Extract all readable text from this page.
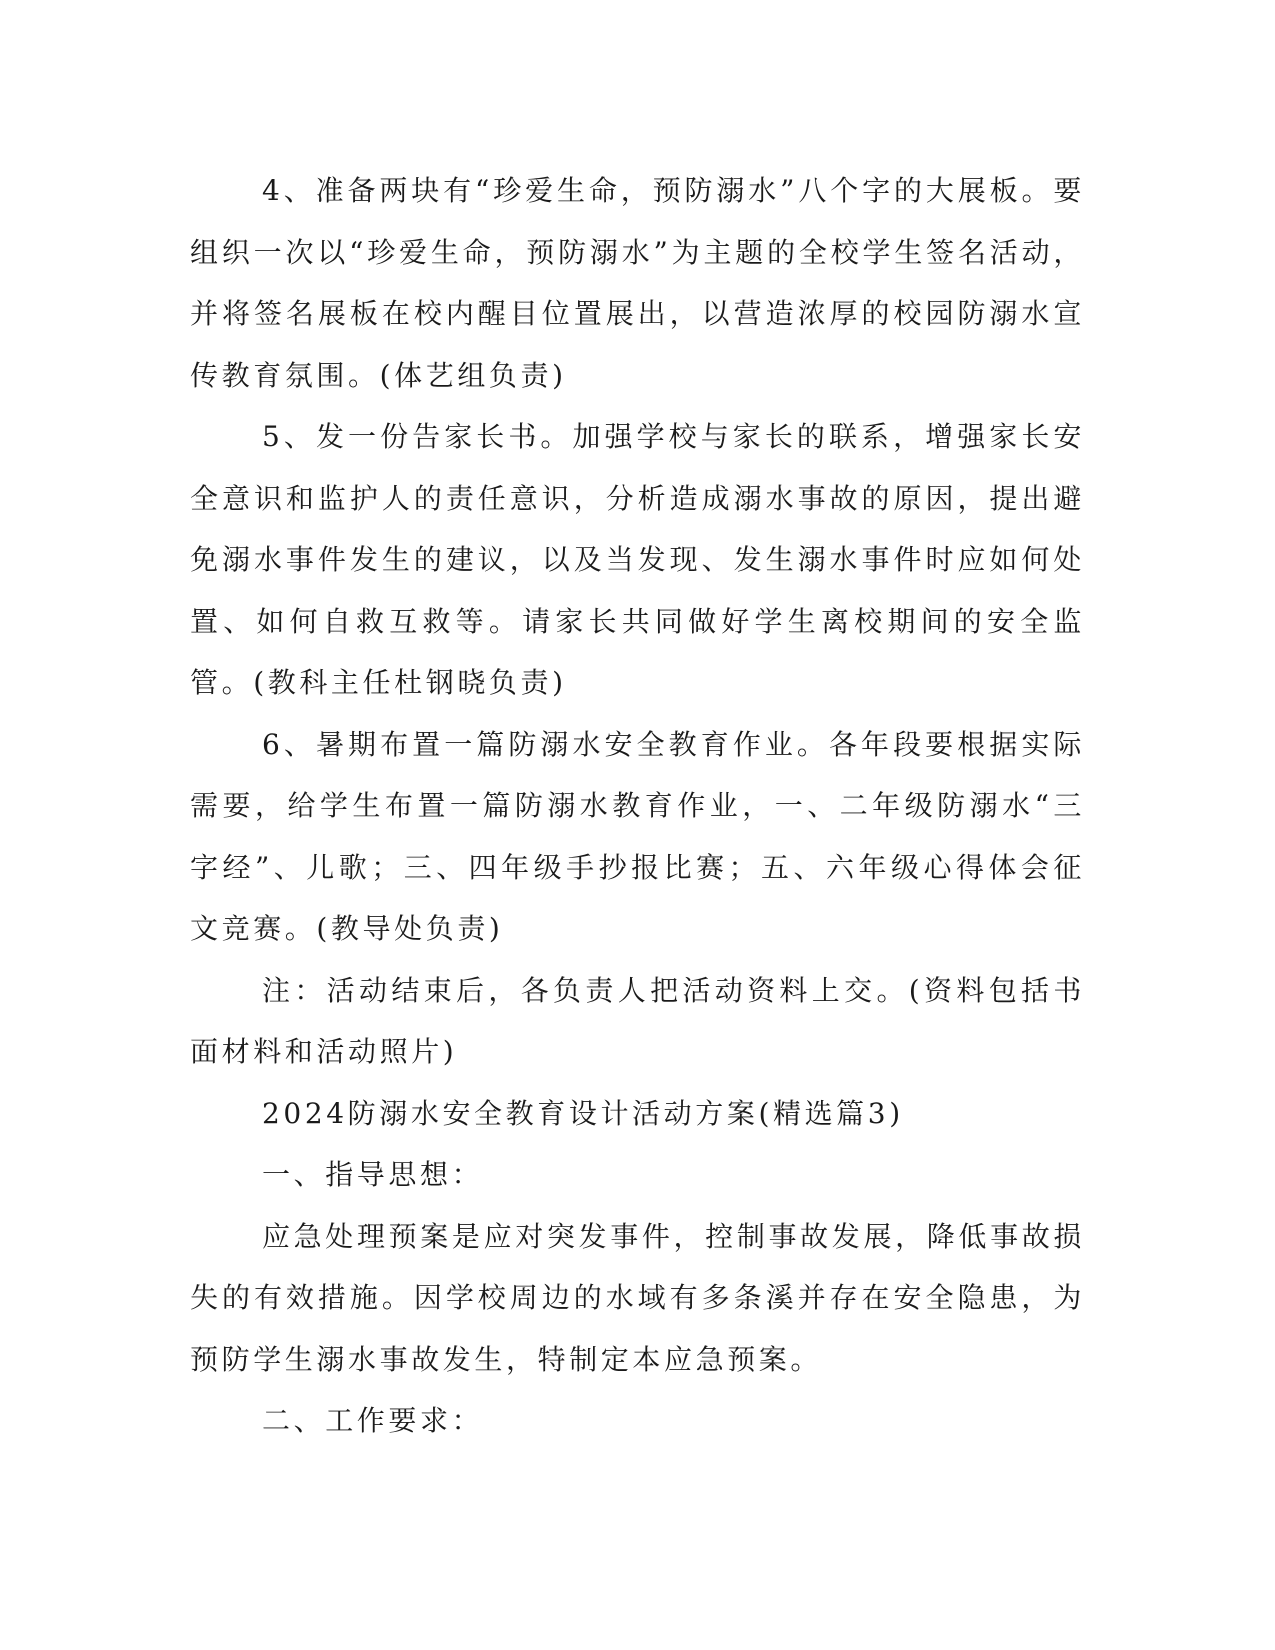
4、准备两块有“珍爱生命，预防溺水”八个字的大展板。要组织一次以“珍爱生命，预防溺水”为主题的全校学生签名活动，并将签名展板在校内醒目位置展出，以营造浓厚的校园防溺水宣传教育氛围。(体艺组负责)

5、发一份告家长书。加强学校与家长的联系，增强家长安全意识和监护人的责任意识，分析造成溺水事故的原因，提出避免溺水事件发生的建议，以及当发现、发生溺水事件时应如何处置、如何自救互救等。请家长共同做好学生离校期间的安全监管。(教科主任杜钢晓负责)

6、暑期布置一篇防溺水安全教育作业。各年段要根据实际需要，给学生布置一篇防溺水教育作业，一、二年级防溺水“三字经”、儿歌；三、四年级手抄报比赛；五、六年级心得体会征文竞赛。(教导处负责)

注：活动结束后，各负责人把活动资料上交。(资料包括书面材料和活动照片)

2024防溺水安全教育设计活动方案(精选篇3)

一、指导思想：

应急处理预案是应对突发事件，控制事故发展，降低事故损失的有效措施。因学校周边的水域有多条溪并存在安全隐患，为预防学生溺水事故发生，特制定本应急预案。

二、工作要求：
